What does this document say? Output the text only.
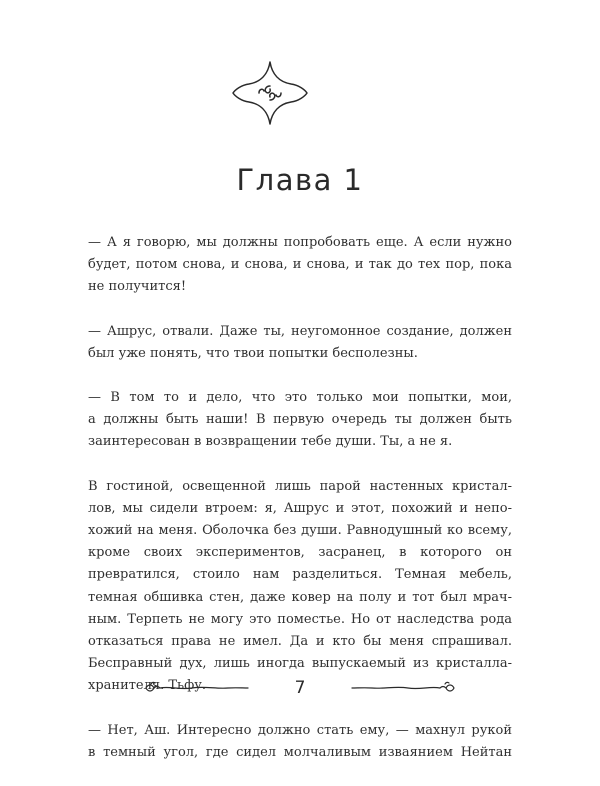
Глава 1

— А я говорю, мы должны попробовать еще. А если нужно
будет, потом снова, и снова, и снова, и так до тех пор, пока
не получится!

— Ашрус, отвали. Даже ты, неугомонное создание, должен
был уже понять, что твои попытки бесполезны.

— В том то и дело, что это только мои попытки, мои,
а должны быть наши! В первую очередь ты должен быть
заинтересован в возвращении тебе души. Ты, а не я.

В гостиной, освещенной лишь парой настенных кристал-
лов, мы сидели втроем: я, Ашрус и этот, похожий и непо-
хожий на меня. Оболочка без души. Равнодушный ко всему,
кроме своих экспериментов, засранец, в которого он
превратился, стоило нам разделиться. Темная мебель,
темная обшивка стен, даже ковер на полу и тот был мрач-
ным. Терпеть не могу это поместье. Но от наследства рода
отказаться права не имел. Да и кто бы меня спрашивал.
Бесправный дух, лишь иногда выпускаемый из кристалла-
хранителя. Тьфу.

— Нет, Аш. Интересно должно стать ему, — махнул рукой
в темный угол, где сидел молчаливым изваянием Нейтан

7
